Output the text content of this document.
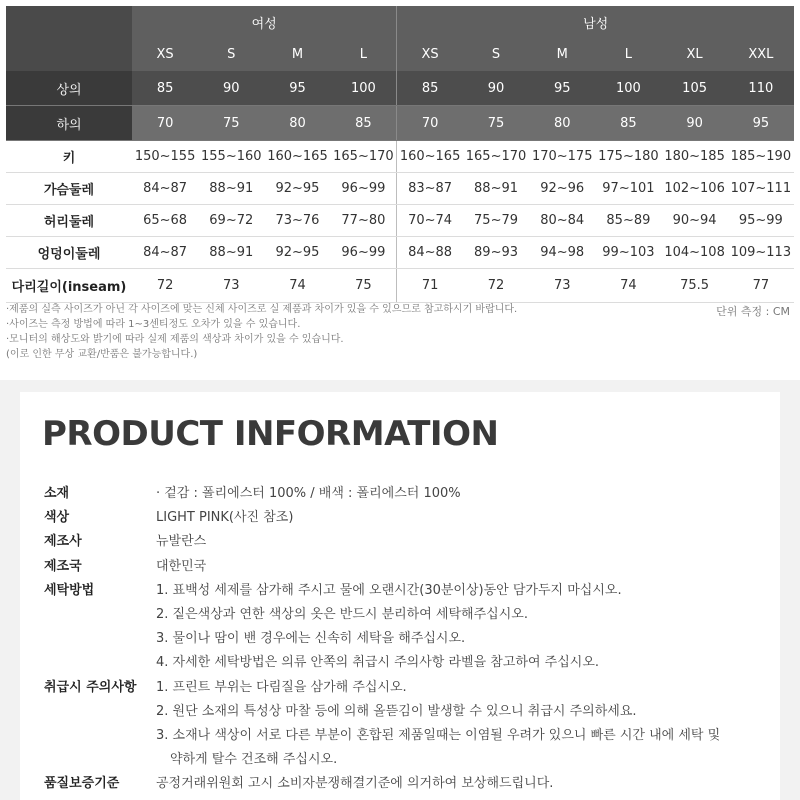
	여성				남성					
	XS	S	M	L	XS	S	M	L	XL	XXL
상의	85	90	95	100	85	90	95	100	105	110
하의	70	75	80	85	70	75	80	85	90	95
키	150~155	155~160	160~165	165~170	160~165	165~170	170~175	175~180	180~185	185~190
가슴둘레	84~87	88~91	92~95	96~99	83~87	88~91	92~96	97~101	102~106	107~111
허리둘레	65~68	69~72	73~76	77~80	70~74	75~79	80~84	85~89	90~94	95~99
엉덩이둘레	84~87	88~91	92~95	96~99	84~88	89~93	94~98	99~103	104~108	109~113
다리길이(inseam)	72	73	74	75	71	72	73	74	75.5	77
·제품의 실측 사이즈가 아닌 각 사이즈에 맞는 신체 사이즈로 실 제품과 차이가 있을 수 있으므로 참고하시기 바랍니다.
·사이즈는 측정 방법에 따라 1~3센티정도 오차가 있을 수 있습니다.
·모니터의 해상도와 밝기에 따라 실제 제품의 색상과 차이가 있을 수 있습니다.
(이로 인한 무상 교환/반품은 불가능합니다.)
단위 측정 : CM
PRODUCT INFORMATION
소재	· 겉감 : 폴리에스터 100% / 배색 : 폴리에스터 100%
색상	LIGHT PINK(사진 참조)
제조사	뉴발란스
제조국	대한민국
세탁방법	1. 표백성 세제를 삼가해 주시고 물에 오랜시간(30분이상)동안 담가두지 마십시오.
2. 짙은색상과 연한 색상의 옷은 반드시 분리하여 세탁해주십시오.
3. 물이나 땀이 밴 경우에는 신속히 세탁을 해주십시오.
4. 자세한 세탁방법은 의류 안쪽의 취급시 주의사항 라벨을 참고하여 주십시오.
취급시 주의사항	1. 프린트 부위는 다림질을 삼가해 주십시오.
2. 원단 소재의 특성상 마찰 등에 의해 올뜯김이 발생할 수 있으니 취급시 주의하세요.
3. 소재나 색상이 서로 다른 부분이 혼합된 제품일때는 이염될 우려가 있으니 빠른 시간 내에 세탁 및
약하게 탈수 건조해 주십시오.
품질보증기준	공정거래위원회 고시 소비자분쟁해결기준에 의거하여 보상해드립니다.
